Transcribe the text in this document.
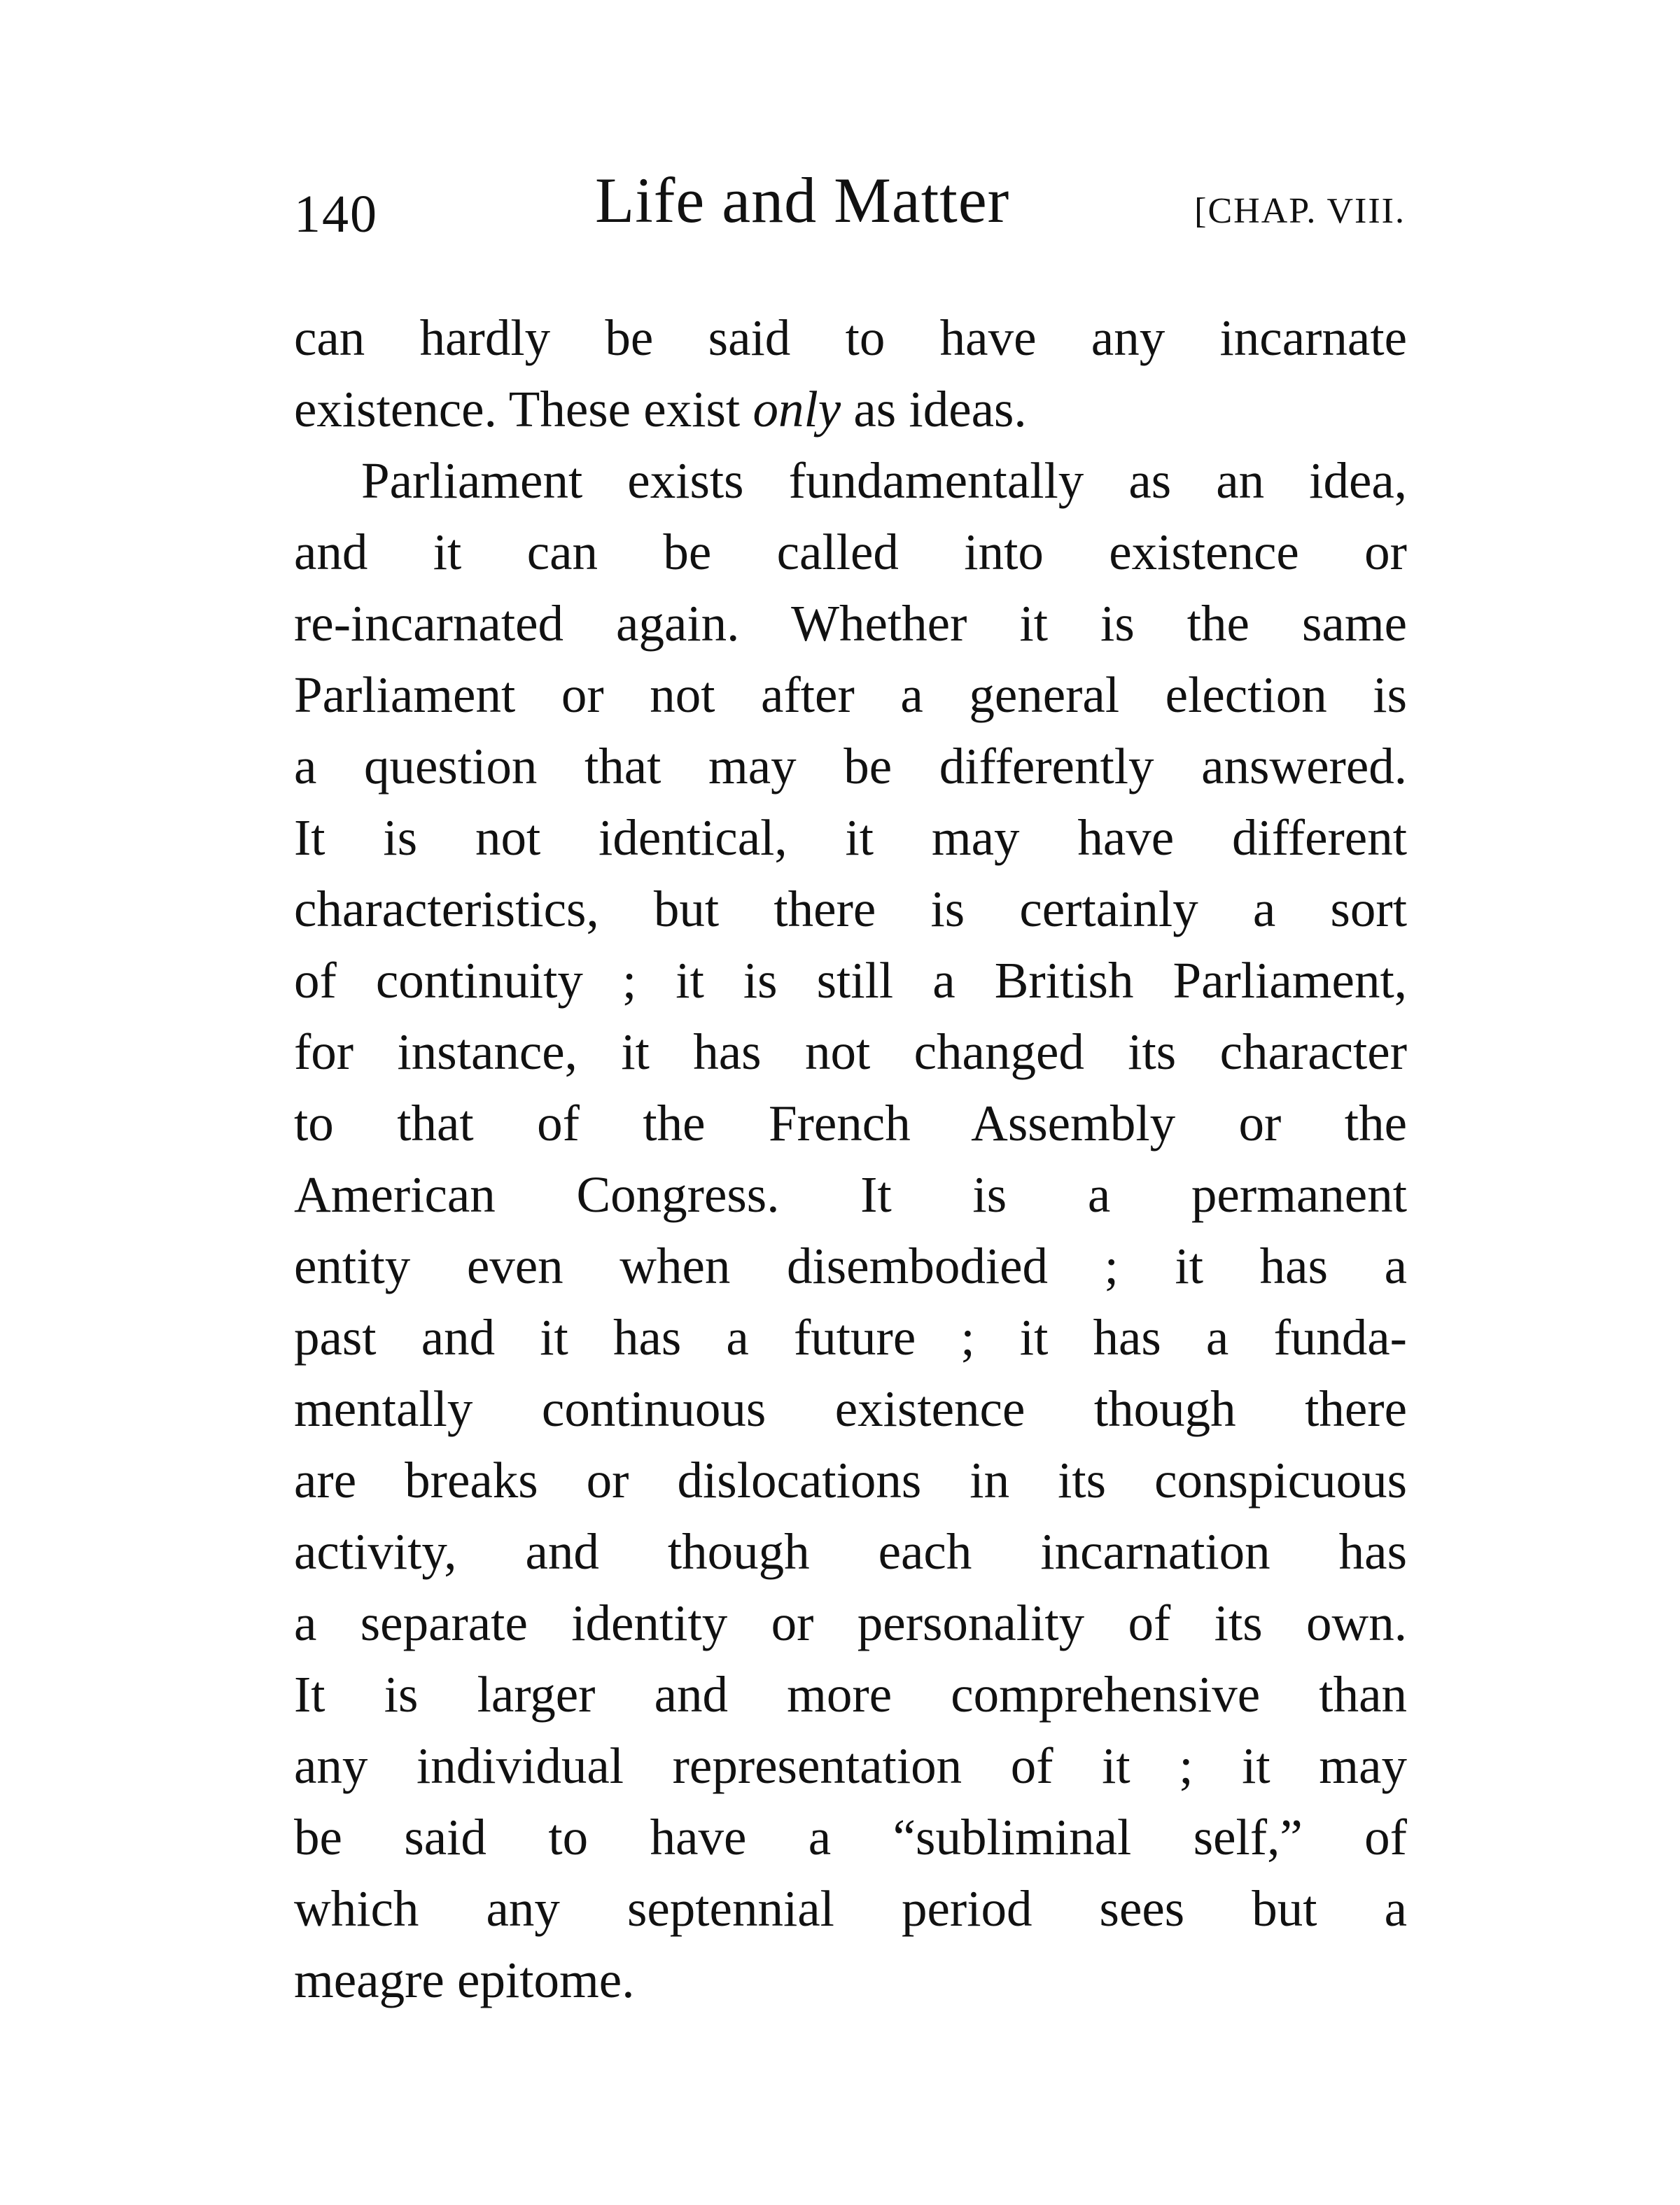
140	Life and Matter	[CHAP. VIII.
can hardly be said to have any incarnate
existence. These exist only as ideas.
Parliament exists fundamentally as an idea,
and it can be called into existence or
re-incarnated again. Whether it is the same
Parliament or not after a general election is
a question that may be differently answered.
It is not identical, it may have different
characteristics, but there is certainly a sort
of continuity ; it is still a British Parliament,
for instance, it has not changed its character
to that of the French Assembly or the
American Congress. It is a permanent
entity even when disembodied ; it has a
past and it has a future ; it has a funda-
mentally continuous existence though there
are breaks or dislocations in its conspicuous
activity, and though each incarnation has
a separate identity or personality of its own.
It is larger and more comprehensive than
any individual representation of it ; it may
be said to have a “subliminal self,” of
which any septennial period sees but a
meagre epitome.
